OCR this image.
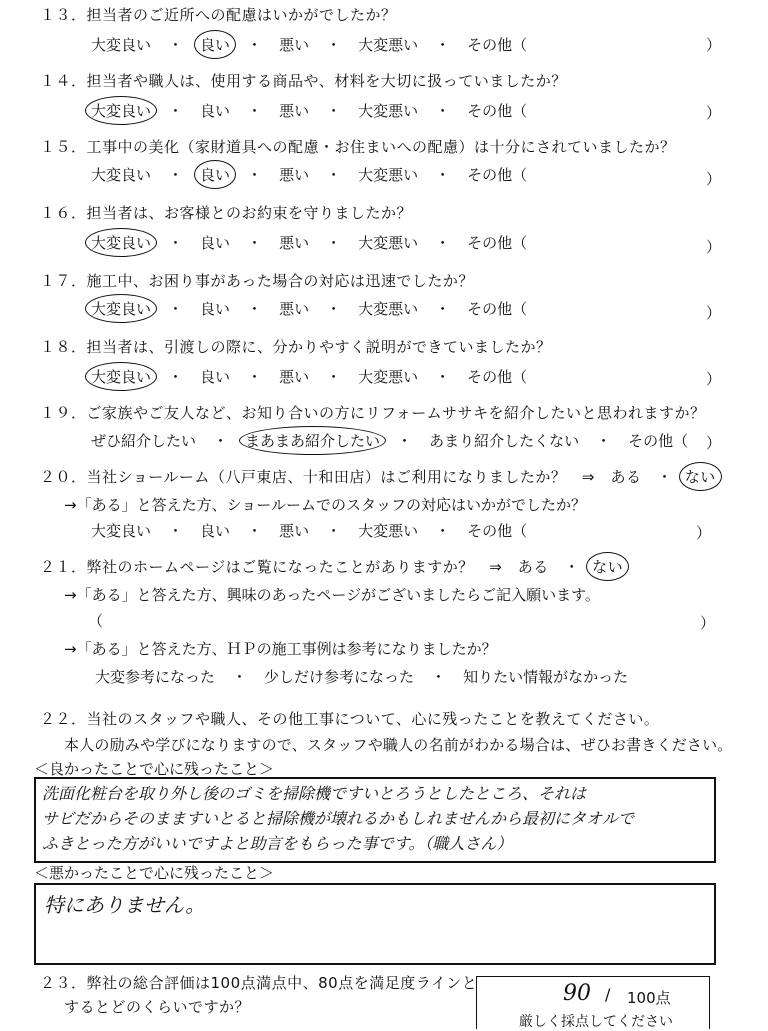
１３．担当者のご近所への配慮はいかがでしたか？
大変良い ・ 良い ・ 悪い ・ 大変悪い ・ その他（	）
１４．担当者や職人は、使用する商品や、材料を大切に扱っていましたか？
大変良い ・ 良い ・ 悪い ・ 大変悪い ・ その他（	）
１５．工事中の美化（家財道具への配慮・お住まいへの配慮）は十分にされていましたか？
大変良い ・ 良い ・ 悪い ・ 大変悪い ・ その他（	）
１６．担当者は、お客様とのお約束を守りましたか？
大変良い ・ 良い ・ 悪い ・ 大変悪い ・ その他（	）
１７．施工中、お困り事があった場合の対応は迅速でしたか？
大変良い ・ 良い ・ 悪い ・ 大変悪い ・ その他（	）
１８．担当者は、引渡しの際に、分かりやすく説明ができていましたか？
大変良い ・ 良い ・ 悪い ・ 大変悪い ・ その他（	）
１９．ご家族やご友人など、お知り合いの方にリフォームササキを紹介したいと思われますか？
ぜひ紹介したい ・ まあまあ紹介したい ・ あまり紹介したくない ・ その他（ ）
２０．当社ショールーム（八戸東店、十和田店）はご利用になりましたか？　⇒　ある　・ ない
→「ある」と答えた方、ショールームでのスタッフの対応はいかがでしたか？
大変良い ・ 良い ・ 悪い ・ 大変悪い ・ その他（	）
２１．弊社のホームページはご覧になったことがありますか？　⇒　ある　・ ない
→「ある」と答えた方、興味のあったページがございましたらご記入願います。
（	）
→「ある」と答えた方、ＨＰの施工事例は参考になりましたか？
大変参考になった ・ 少しだけ参考になった ・ 知りたい情報がなかった
２２．当社のスタッフや職人、その他工事について、心に残ったことを教えてください。
本人の励みや学びになりますので、スタッフや職人の名前がわかる場合は、ぜひお書きください。
＜良かったことで心に残ったこと＞
洗面化粧台を取り外し後のゴミを掃除機ですいとろうとしたところ、それは
サビだからそのまますいとると掃除機が壊れるかもしれませんから最初にタオルで
ふきとった方がいいですよと助言をもらった事です。（職人さん）
＜悪かったことで心に残ったこと＞
特にありません。
２３．弊社の総合評価は100点満点中、80点を満足度ラインと
するとどのくらいですか？
90 / 100点
厳しく採点してください
